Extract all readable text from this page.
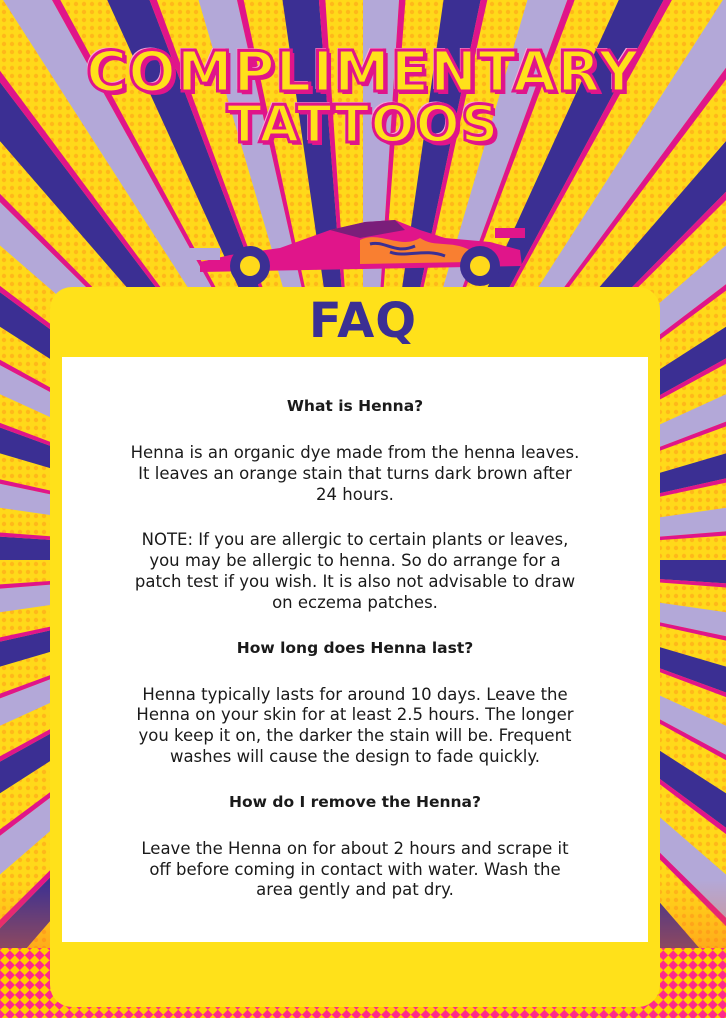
COMPLIMENTARY
TATTOOS
FAQ

What is Henna?

Henna is an organic dye made from the henna leaves. It leaves an orange stain that turns dark brown after 24 hours.

NOTE: If you are allergic to certain plants or leaves, you may be allergic to henna. So do arrange for a patch test if you wish. It is also not advisable to draw on eczema patches.

How long does Henna last?

Henna typically lasts for around 10 days. Leave the Henna on your skin for at least 2.5 hours. The longer you keep it on, the darker the stain will be. Frequent washes will cause the design to fade quickly.

How do I remove the Henna?

Leave the Henna on for about 2 hours and scrape it off before coming in contact with water. Wash the area gently and pat dry.
